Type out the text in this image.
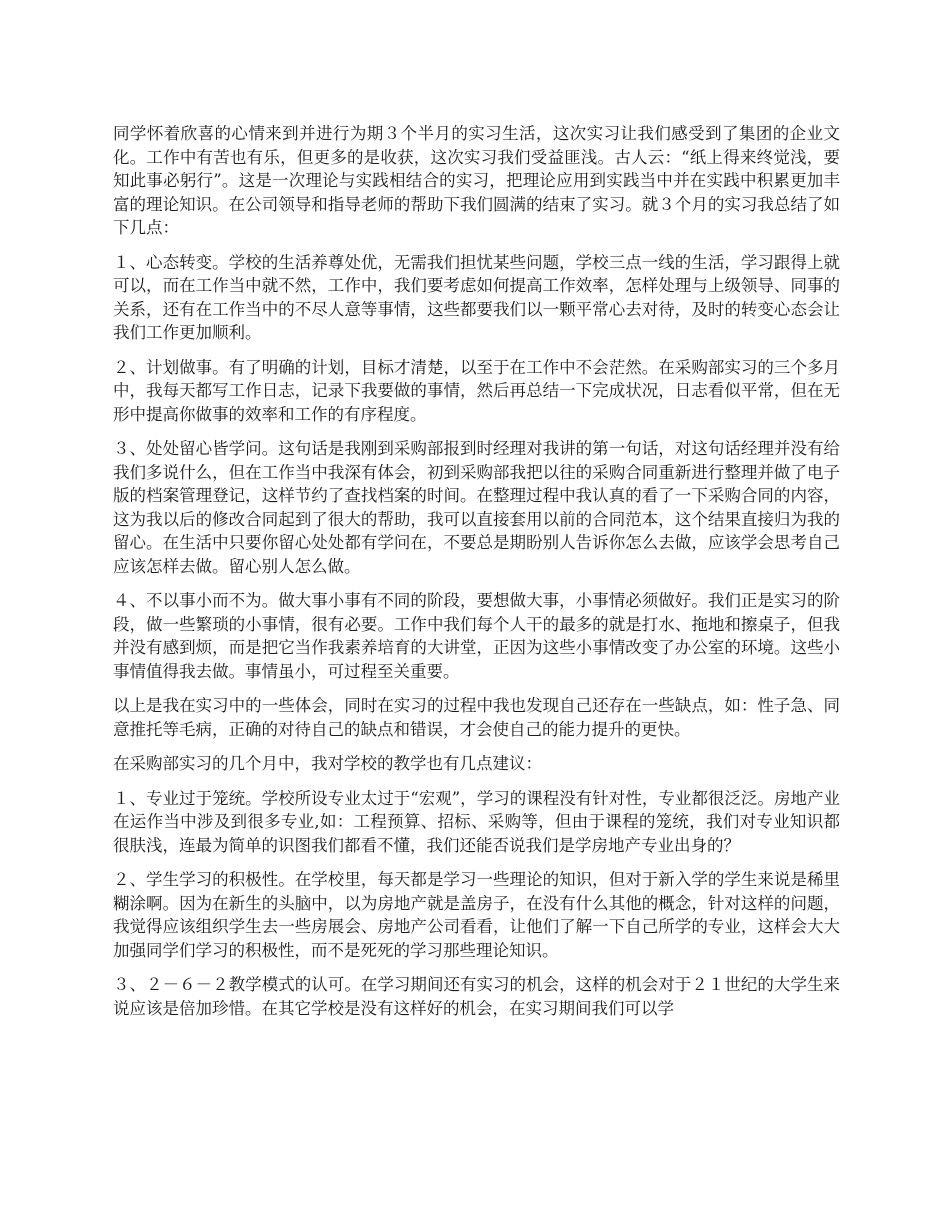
同学怀着欣喜的心情来到并进行为期３个半月的实习生活，这次实习让我们感受到了集团的企业文化。工作中有苦也有乐，但更多的是收获，这次实习我们受益匪浅。古人云：“纸上得来终觉浅，要知此事必躬行”。这是一次理论与实践相结合的实习，把理论应用到实践当中并在实践中积累更加丰富的理论知识。在公司领导和指导老师的帮助下我们圆满的结束了实习。就３个月的实习我总结了如下几点：

１、心态转变。学校的生活养尊处优，无需我们担忧某些问题，学校三点一线的生活，学习跟得上就可以，而在工作当中就不然，工作中，我们要考虑如何提高工作效率，怎样处理与上级领导、同事的关系，还有在工作当中的不尽人意等事情，这些都要我们以一颗平常心去对待，及时的转变心态会让我们工作更加顺利。

２、计划做事。有了明确的计划，目标才清楚，以至于在工作中不会茫然。在采购部实习的三个多月中，我每天都写工作日志，记录下我要做的事情，然后再总结一下完成状况，日志看似平常，但在无形中提高你做事的效率和工作的有序程度。

３、处处留心皆学问。这句话是我刚到采购部报到时经理对我讲的第一句话，对这句话经理并没有给我们多说什么，但在工作当中我深有体会，初到采购部我把以往的采购合同重新进行整理并做了电子版的档案管理登记，这样节约了查找档案的时间。在整理过程中我认真的看了一下采购合同的内容，这为我以后的修改合同起到了很大的帮助，我可以直接套用以前的合同范本，这个结果直接归为我的留心。在生活中只要你留心处处都有学问在，不要总是期盼别人告诉你怎么去做，应该学会思考自己应该怎样去做。留心别人怎么做。

４、不以事小而不为。做大事小事有不同的阶段，要想做大事，小事情必须做好。我们正是实习的阶段，做一些繁琐的小事情，很有必要。工作中我们每个人干的最多的就是打水、拖地和擦桌子，但我并没有感到烦，而是把它当作我素养培育的大讲堂，正因为这些小事情改变了办公室的环境。这些小事情值得我去做。事情虽小，可过程至关重要。

以上是我在实习中的一些体会，同时在实习的过程中我也发现自己还存在一些缺点，如：性子急、同意推托等毛病，正确的对待自己的缺点和错误，才会使自己的能力提升的更快。

在采购部实习的几个月中，我对学校的教学也有几点建议：

１、专业过于笼统。学校所设专业太过于“宏观”，学习的课程没有针对性，专业都很泛泛。房地产业在运作当中涉及到很多专业,如：工程预算、招标、采购等，但由于课程的笼统，我们对专业知识都很肤浅，连最为简单的识图我们都看不懂，我们还能否说我们是学房地产专业出身的？

２、学生学习的积极性。在学校里，每天都是学习一些理论的知识，但对于新入学的学生来说是稀里糊涂啊。因为在新生的头脑中，以为房地产就是盖房子，在没有什么其他的概念，针对这样的问题，我觉得应该组织学生去一些房展会、房地产公司看看，让他们了解一下自己所学的专业，这样会大大加强同学们学习的积极性，而不是死死的学习那些理论知识。

３、２－６－２教学模式的认可。在学习期间还有实习的机会，这样的机会对于２１世纪的大学生来说应该是倍加珍惜。在其它学校是没有这样好的机会，在实习期间我们可以学
